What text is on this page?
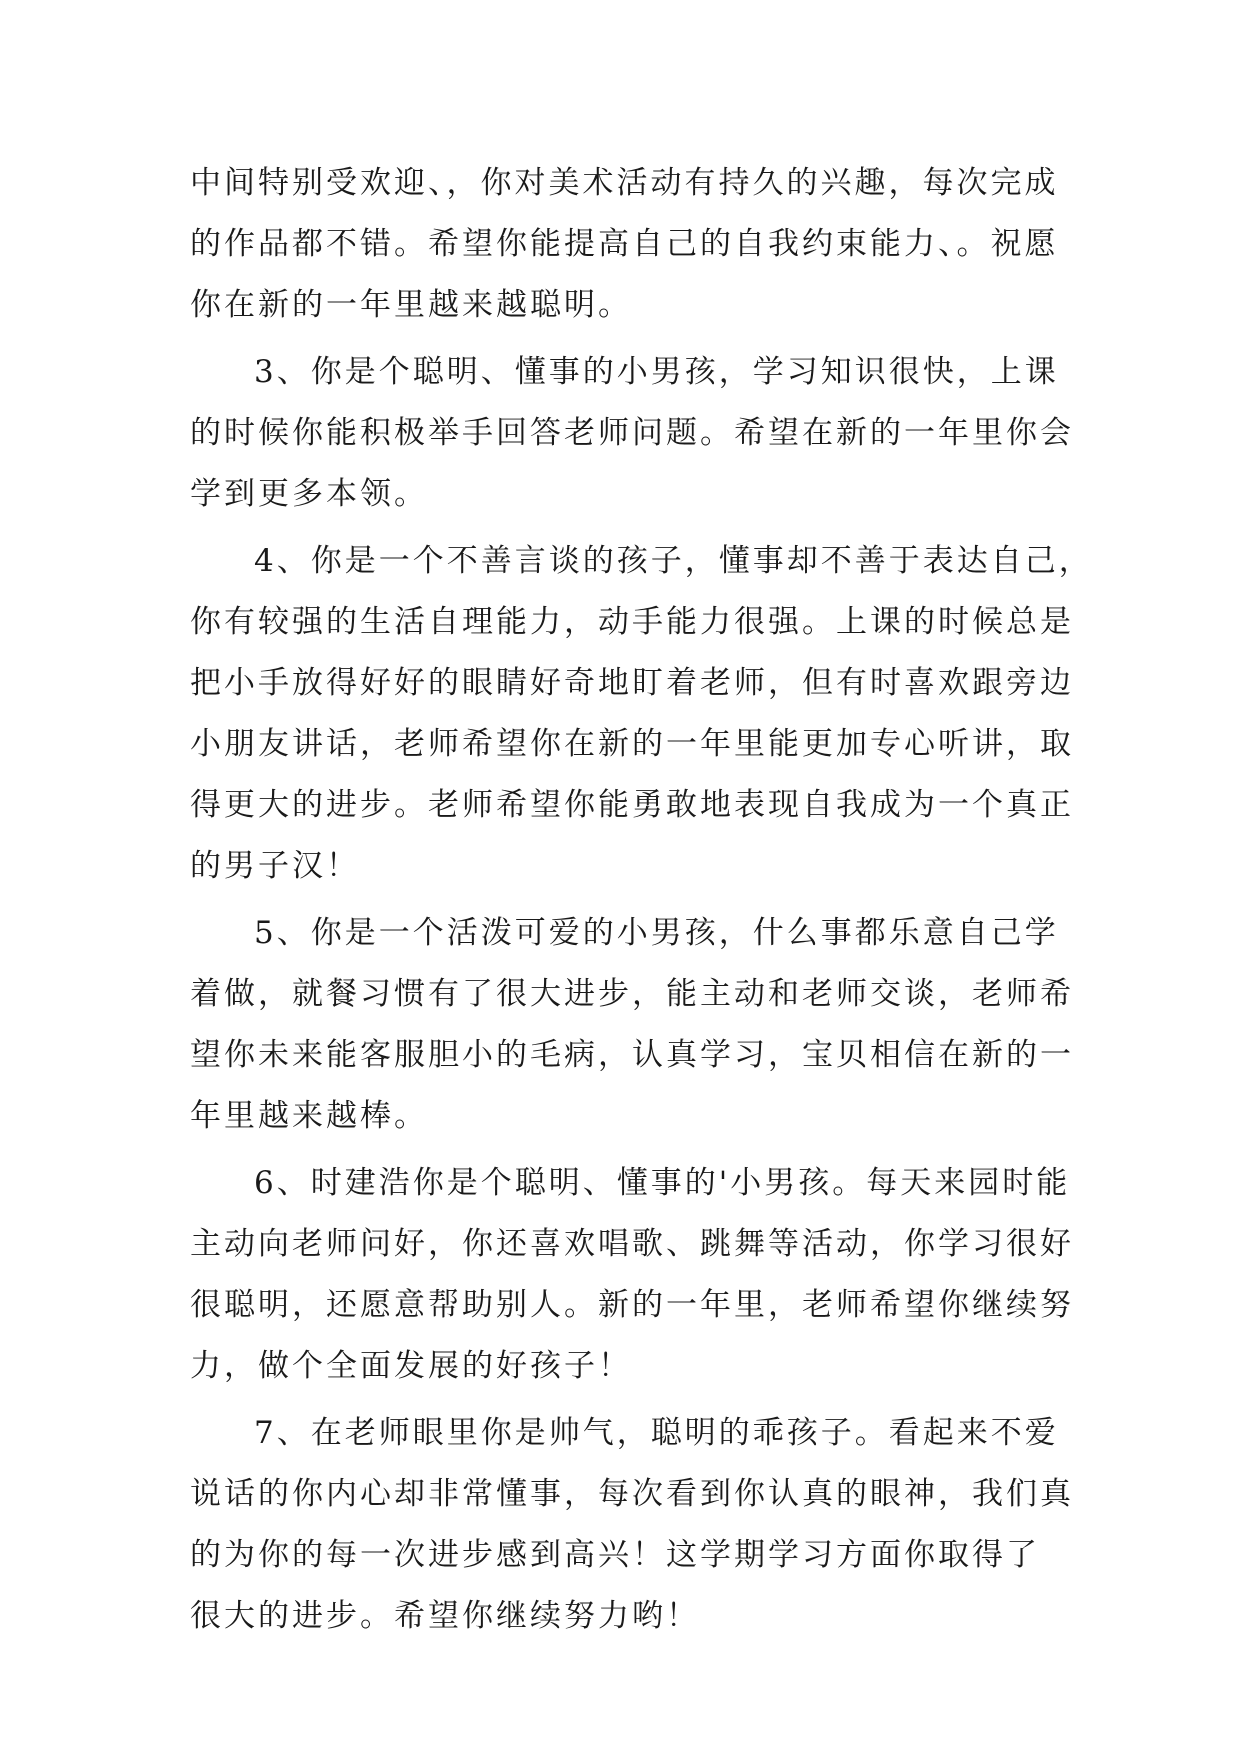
中间特别受欢迎、，你对美术活动有持久的兴趣，每次完成
的作品都不错。希望你能提高自己的自我约束能力、。祝愿
你在新的一年里越来越聪明。
3、你是个聪明、懂事的小男孩，学习知识很快，上课
的时候你能积极举手回答老师问题。希望在新的一年里你会
学到更多本领。
4、你是一个不善言谈的孩子，懂事却不善于表达自己，
你有较强的生活自理能力，动手能力很强。上课的时候总是
把小手放得好好的眼睛好奇地盯着老师，但有时喜欢跟旁边
小朋友讲话，老师希望你在新的一年里能更加专心听讲，取
得更大的进步。老师希望你能勇敢地表现自我成为一个真正
的男子汉！
5、你是一个活泼可爱的小男孩，什么事都乐意自己学
着做，就餐习惯有了很大进步，能主动和老师交谈，老师希
望你未来能客服胆小的毛病，认真学习，宝贝相信在新的一
年里越来越棒。
6、时建浩你是个聪明、懂事的'小男孩。每天来园时能
主动向老师问好，你还喜欢唱歌、跳舞等活动，你学习很好
很聪明，还愿意帮助别人。新的一年里，老师希望你继续努
力，做个全面发展的好孩子！
7、在老师眼里你是帅气，聪明的乖孩子。看起来不爱
说话的你内心却非常懂事，每次看到你认真的眼神，我们真
的为你的每一次进步感到高兴！这学期学习方面你取得了
很大的进步。希望你继续努力哟！
